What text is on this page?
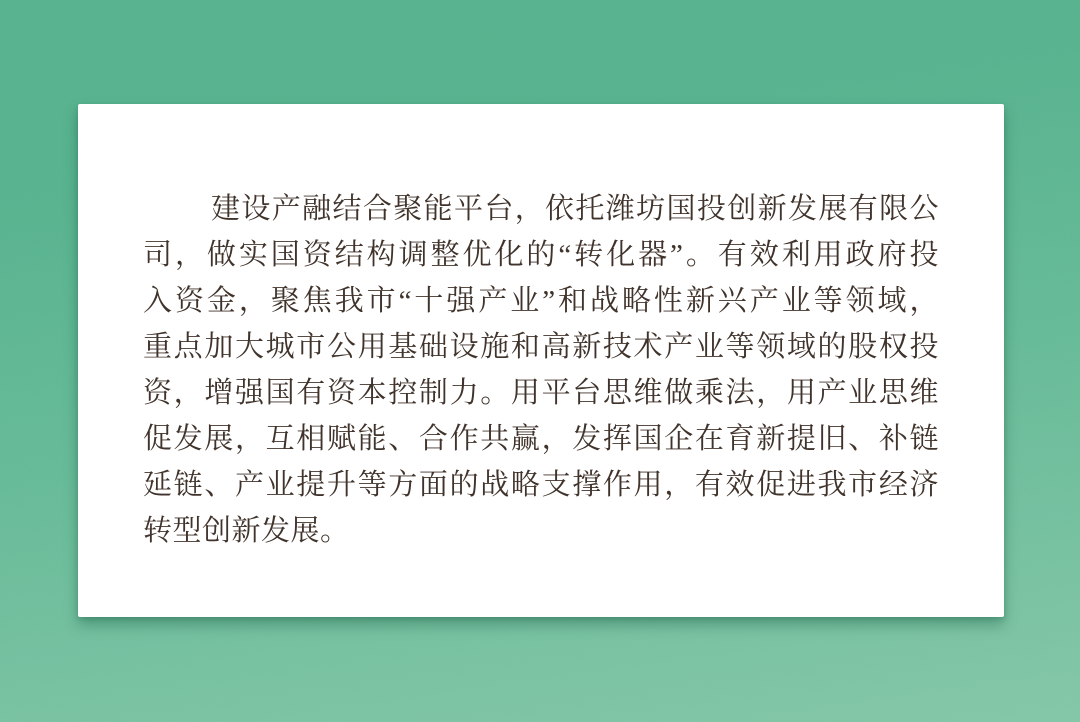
建设产融结合聚能平台，依托潍坊国投创新发展有限公
司，做实国资结构调整优化的“转化器”。有效利用政府投
入资金，聚焦我市“十强产业”和战略性新兴产业等领域，
重点加大城市公用基础设施和高新技术产业等领域的股权投
资，增强国有资本控制力。用平台思维做乘法，用产业思维
促发展，互相赋能、合作共赢，发挥国企在育新提旧、补链
延链、产业提升等方面的战略支撑作用，有效促进我市经济
转型创新发展。
